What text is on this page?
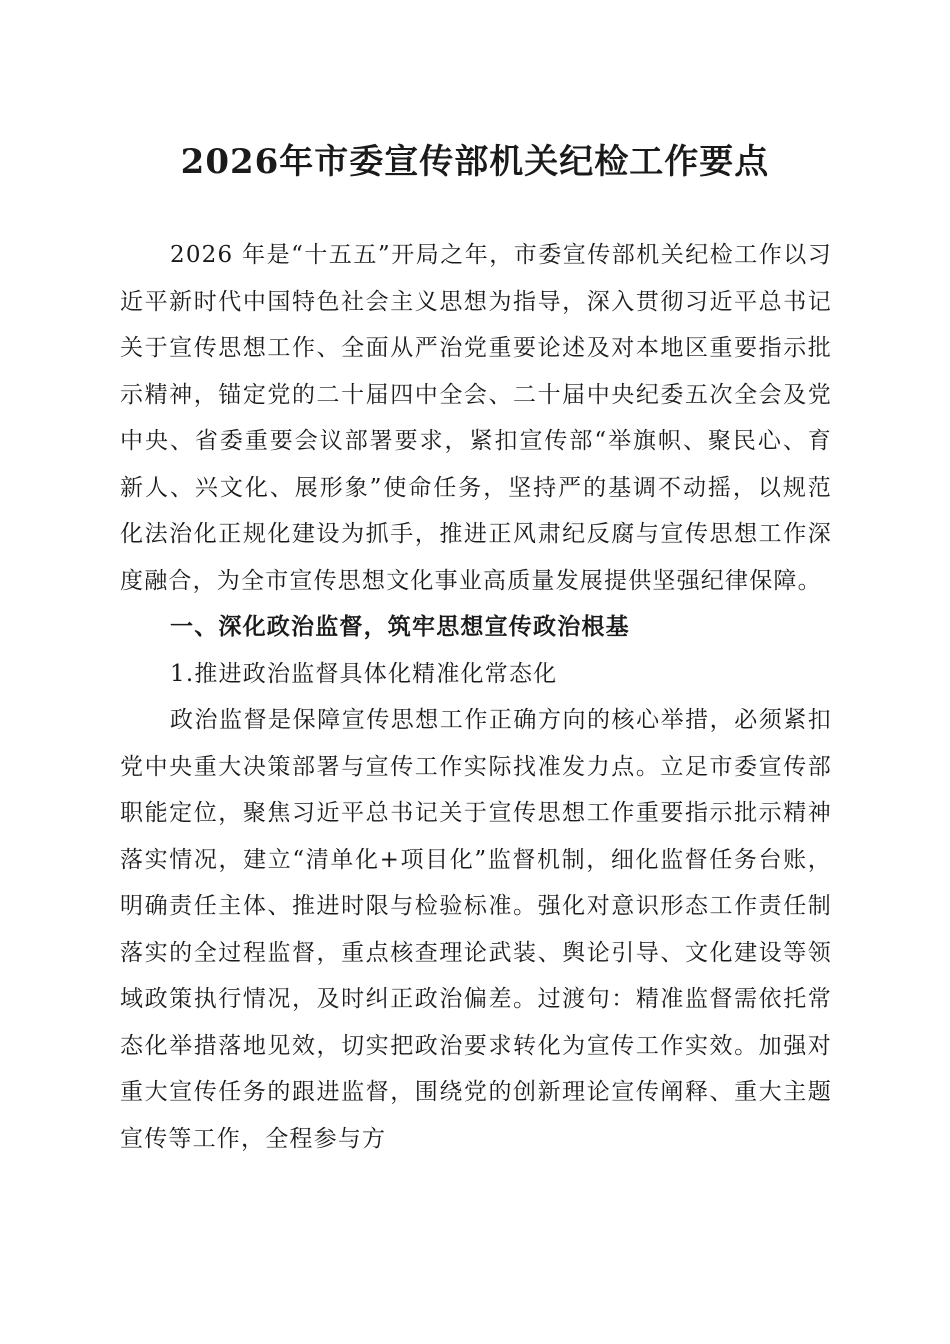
2026年市委宣传部机关纪检工作要点

2026 年是“十五五”开局之年，市委宣传部机关纪检工作以习近平新时代中国特色社会主义思想为指导，深入贯彻习近平总书记关于宣传思想工作、全面从严治党重要论述及对本地区重要指示批示精神，锚定党的二十届四中全会、二十届中央纪委五次全会及党中央、省委重要会议部署要求，紧扣宣传部“举旗帜、聚民心、育新人、兴文化、展形象”使命任务，坚持严的基调不动摇，以规范化法治化正规化建设为抓手，推进正风肃纪反腐与宣传思想工作深度融合，为全市宣传思想文化事业高质量发展提供坚强纪律保障。

一、深化政治监督，筑牢思想宣传政治根基

1.推进政治监督具体化精准化常态化

政治监督是保障宣传思想工作正确方向的核心举措，必须紧扣党中央重大决策部署与宣传工作实际找准发力点。立足市委宣传部职能定位，聚焦习近平总书记关于宣传思想工作重要指示批示精神落实情况，建立“清单化+项目化”监督机制，细化监督任务台账，明确责任主体、推进时限与检验标准。强化对意识形态工作责任制落实的全过程监督，重点核查理论武装、舆论引导、文化建设等领域政策执行情况，及时纠正政治偏差。过渡句：精准监督需依托常态化举措落地见效，切实把政治要求转化为宣传工作实效。加强对重大宣传任务的跟进监督，围绕党的创新理论宣传阐释、重大主题宣传等工作，全程参与方
